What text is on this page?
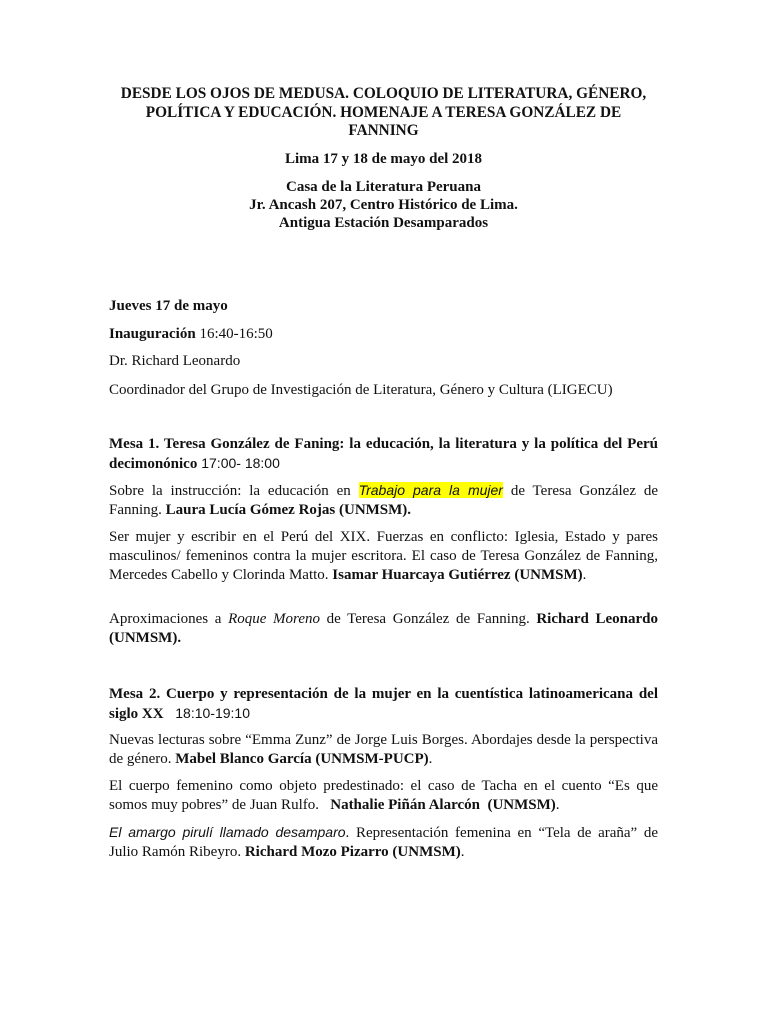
DESDE LOS OJOS DE MEDUSA. COLOQUIO DE LITERATURA, GÉNERO,

POLÍTICA Y EDUCACIÓN. HOMENAJE A TERESA GONZÁLEZ DE

FANNING

Lima 17 y 18 de mayo del 2018

Casa de la Literatura Peruana

Jr. Ancash 207, Centro Histórico de Lima.

Antigua Estación Desamparados

Jueves 17 de mayo

Inauguración 16:40-16:50

Dr. Richard Leonardo

Coordinador del Grupo de Investigación de Literatura, Género y Cultura (LIGECU)

Mesa 1. Teresa González de Faning: la educación, la literatura y la política del Perú decimonónico 17:00- 18:00

Sobre la instrucción: la educación en Trabajo para la mujer de Teresa González de Fanning. Laura Lucía Gómez Rojas (UNMSM).

Ser mujer y escribir en el Perú del XIX. Fuerzas en conflicto: Iglesia, Estado y pares masculinos/ femeninos contra la mujer escritora. El caso de Teresa González de Fanning, Mercedes Cabello y Clorinda Matto. Isamar Huarcaya Gutiérrez (UNMSM).

Aproximaciones a Roque Moreno de Teresa González de Fanning. Richard Leonardo (UNMSM).

Mesa 2. Cuerpo y representación de la mujer en la cuentística latinoamericana del siglo XX   18:10-19:10

Nuevas lecturas sobre “Emma Zunz” de Jorge Luis Borges. Abordajes desde la perspectiva de género. Mabel Blanco García (UNMSM-PUCP).

El cuerpo femenino como objeto predestinado: el caso de Tacha en el cuento “Es que somos muy pobres” de Juan Rulfo.   Nathalie Piñán Alarcón  (UNMSM).

El amargo pirulí llamado desamparo. Representación femenina en “Tela de araña” de Julio Ramón Ribeyro. Richard Mozo Pizarro (UNMSM).
